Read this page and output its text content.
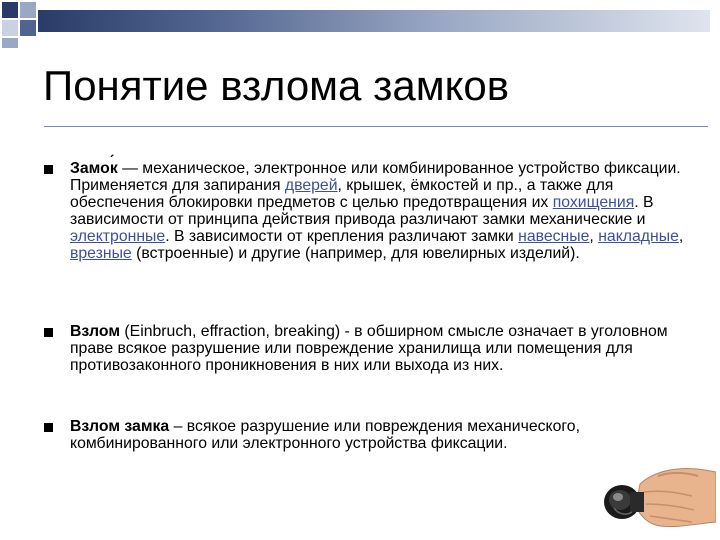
Понятие взлома замков
Замок ́ — механическое, электронное или комбинированное устройство фиксации. Применяется для запирания дверей, крышек, ёмкостей и пр., а также для обеспечения блокировки предметов с целью предотвращения их похищения. В зависимости от принципа действия привода различают замки механические и электронные. В зависимости от крепления различают замки навесные, накладные, врезные (встроенные) и другие (например, для ювелирных изделий).
Взлом (Einbruch, effraction, breaking) - в обширном смысле означает в уголовном праве всякое разрушение или повреждение хранилища или помещения для противозаконного проникновения в них или выхода из них.
Взлом замка – всякое разрушение или повреждения механического, комбинированного или электронного устройства фиксации.
